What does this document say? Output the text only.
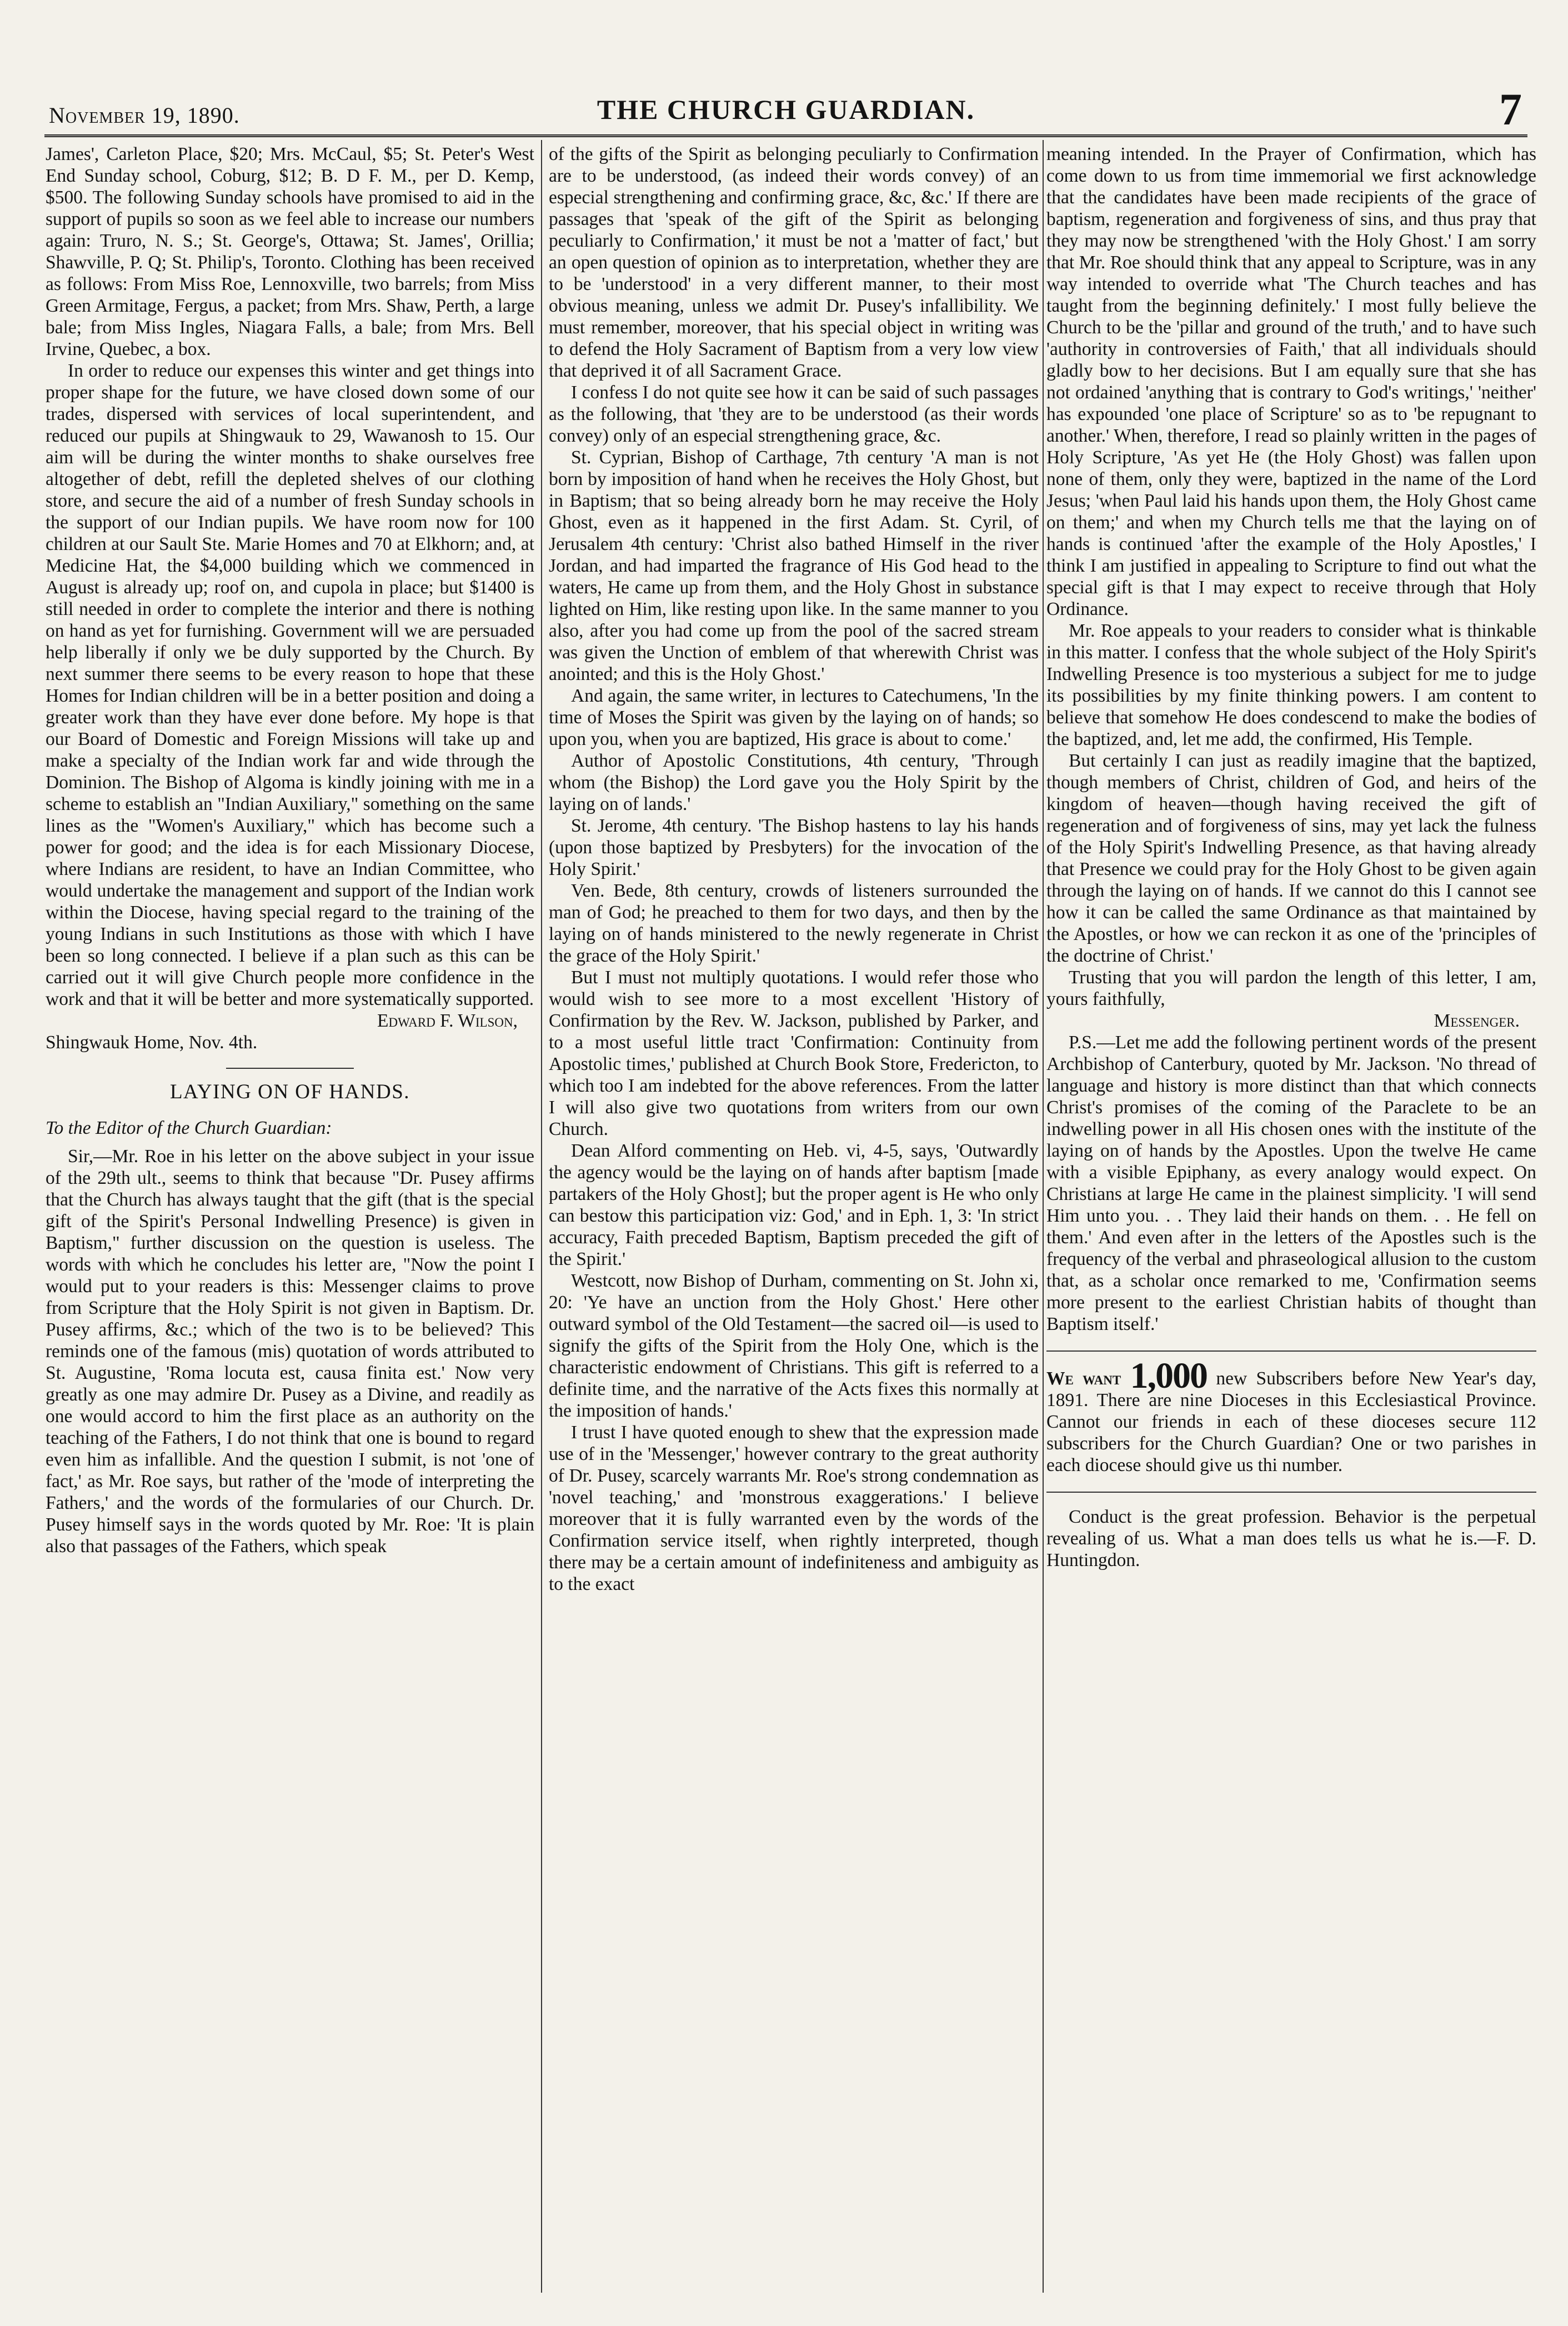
November 19, 1890.	THE CHURCH GUARDIAN.	7

James', Carleton Place, $20; Mrs. McCaul, $5; St. Peter's West End Sunday school, Coburg, $12; B. D F. M., per D. Kemp, $500. The following Sunday schools have promised to aid in the support of pupils so soon as we feel able to increase our numbers again: Truro, N. S.; St. George's, Ottawa; St. James', Orillia; Shawville, P. Q; St. Philip's, Toronto. Clothing has been received as follows: From Miss Roe, Lennoxville, two barrels; from Miss Green Armitage, Fergus, a packet; from Mrs. Shaw, Perth, a large bale; from Miss Ingles, Niagara Falls, a bale; from Mrs. Bell Irvine, Quebec, a box.

In order to reduce our expenses this winter and get things into proper shape for the future, we have closed down some of our trades, dispersed with services of local superintendent, and reduced our pupils at Shingwauk to 29, Wawanosh to 15. Our aim will be during the winter months to shake ourselves free altogether of debt, refill the depleted shelves of our clothing store, and secure the aid of a number of fresh Sunday schools in the support of our Indian pupils. We have room now for 100 children at our Sault Ste. Marie Homes and 70 at Elkhorn; and, at Medicine Hat, the $4,000 building which we commenced in August is already up; roof on, and cupola in place; but $1400 is still needed in order to complete the interior and there is nothing on hand as yet for furnishing. Government will we are persuaded help liberally if only we be duly supported by the Church. By next summer there seems to be every reason to hope that these Homes for Indian children will be in a better position and doing a greater work than they have ever done before. My hope is that our Board of Domestic and Foreign Missions will take up and make a specialty of the Indian work far and wide through the Dominion. The Bishop of Algoma is kindly joining with me in a scheme to establish an "Indian Auxiliary," something on the same lines as the "Women's Auxiliary," which has become such a power for good; and the idea is for each Missionary Diocese, where Indians are resident, to have an Indian Committee, who would undertake the management and support of the Indian work within the Diocese, having special regard to the training of the young Indians in such Institutions as those with which I have been so long connected. I believe if a plan such as this can be carried out it will give Church people more confidence in the work and that it will be better and more systematically supported.

Edward F. Wilson,

Shingwauk Home, Nov. 4th.

LAYING ON OF HANDS.

To the Editor of the Church Guardian:

Sir,—Mr. Roe in his letter on the above subject in your issue of the 29th ult., seems to think that because "Dr. Pusey affirms that the Church has always taught that the gift (that is the special gift of the Spirit's Personal Indwelling Presence) is given in Baptism," further discussion on the question is useless. The words with which he concludes his letter are, "Now the point I would put to your readers is this: Messenger claims to prove from Scripture that the Holy Spirit is not given in Baptism. Dr. Pusey affirms, &c.; which of the two is to be believed? This reminds one of the famous (mis) quotation of words attributed to St. Augustine, 'Roma locuta est, causa finita est.' Now very greatly as one may admire Dr. Pusey as a Divine, and readily as one would accord to him the first place as an authority on the teaching of the Fathers, I do not think that one is bound to regard even him as infallible. And the question I submit, is not 'one of fact,' as Mr. Roe says, but rather of the 'mode of interpreting the Fathers,' and the words of the formularies of our Church. Dr. Pusey himself says in the words quoted by Mr. Roe: 'It is plain also that passages of the Fathers, which speak

of the gifts of the Spirit as belonging peculiarly to Confirmation are to be understood, (as indeed their words convey) of an especial strengthening and confirming grace, &c, &c.' If there are passages that 'speak of the gift of the Spirit as belonging peculiarly to Confirmation,' it must be not a 'matter of fact,' but an open question of opinion as to interpretation, whether they are to be 'understood' in a very different manner, to their most obvious meaning, unless we admit Dr. Pusey's infallibility. We must remember, moreover, that his special object in writing was to defend the Holy Sacrament of Baptism from a very low view that deprived it of all Sacrament Grace.

I confess I do not quite see how it can be said of such passages as the following, that 'they are to be understood (as their words convey) only of an especial strengthening grace, &c.

St. Cyprian, Bishop of Carthage, 7th century 'A man is not born by imposition of hand when he receives the Holy Ghost, but in Baptism; that so being already born he may receive the Holy Ghost, even as it happened in the first Adam. St. Cyril, of Jerusalem 4th century: 'Christ also bathed Himself in the river Jordan, and had imparted the fragrance of His God head to the waters, He came up from them, and the Holy Ghost in substance lighted on Him, like resting upon like. In the same manner to you also, after you had come up from the pool of the sacred stream was given the Unction of emblem of that wherewith Christ was anointed; and this is the Holy Ghost.'

And again, the same writer, in lectures to Catechumens, 'In the time of Moses the Spirit was given by the laying on of hands; so upon you, when you are baptized, His grace is about to come.'

Author of Apostolic Constitutions, 4th century, 'Through whom (the Bishop) the Lord gave you the Holy Spirit by the laying on of lands.'

St. Jerome, 4th century. 'The Bishop hastens to lay his hands (upon those baptized by Presbyters) for the invocation of the Holy Spirit.'

Ven. Bede, 8th century, crowds of listeners surrounded the man of God; he preached to them for two days, and then by the laying on of hands ministered to the newly regenerate in Christ the grace of the Holy Spirit.'

But I must not multiply quotations. I would refer those who would wish to see more to a most excellent 'History of Confirmation by the Rev. W. Jackson, published by Parker, and to a most useful little tract 'Confirmation: Continuity from Apostolic times,' published at Church Book Store, Fredericton, to which too I am indebted for the above references. From the latter I will also give two quotations from writers from our own Church.

Dean Alford commenting on Heb. vi, 4-5, says, 'Outwardly the agency would be the laying on of hands after baptism [made partakers of the Holy Ghost]; but the proper agent is He who only can bestow this participation viz: God,' and in Eph. 1, 3: 'In strict accuracy, Faith preceded Baptism, Baptism preceded the gift of the Spirit.'

Westcott, now Bishop of Durham, commenting on St. John xi, 20: 'Ye have an unction from the Holy Ghost.' Here other outward symbol of the Old Testament—the sacred oil—is used to signify the gifts of the Spirit from the Holy One, which is the characteristic endowment of Christians. This gift is referred to a definite time, and the narrative of the Acts fixes this normally at the imposition of hands.'

I trust I have quoted enough to shew that the expression made use of in the 'Messenger,' however contrary to the great authority of Dr. Pusey, scarcely warrants Mr. Roe's strong condemnation as 'novel teaching,' and 'monstrous exaggerations.' I believe moreover that it is fully warranted even by the words of the Confirmation service itself, when rightly interpreted, though there may be a certain amount of indefiniteness and ambiguity as to the exact

meaning intended. In the Prayer of Confirmation, which has come down to us from time immemorial we first acknowledge that the candidates have been made recipients of the grace of baptism, regeneration and forgiveness of sins, and thus pray that they may now be strengthened 'with the Holy Ghost.' I am sorry that Mr. Roe should think that any appeal to Scripture, was in any way intended to override what 'The Church teaches and has taught from the beginning definitely.' I most fully believe the Church to be the 'pillar and ground of the truth,' and to have such 'authority in controversies of Faith,' that all individuals should gladly bow to her decisions. But I am equally sure that she has not ordained 'anything that is contrary to God's writings,' 'neither' has expounded 'one place of Scripture' so as to 'be repugnant to another.' When, therefore, I read so plainly written in the pages of Holy Scripture, 'As yet He (the Holy Ghost) was fallen upon none of them, only they were, baptized in the name of the Lord Jesus; 'when Paul laid his hands upon them, the Holy Ghost came on them;' and when my Church tells me that the laying on of hands is continued 'after the example of the Holy Apostles,' I think I am justified in appealing to Scripture to find out what the special gift is that I may expect to receive through that Holy Ordinance.

Mr. Roe appeals to your readers to consider what is thinkable in this matter. I confess that the whole subject of the Holy Spirit's Indwelling Presence is too mysterious a subject for me to judge its possibilities by my finite thinking powers. I am content to believe that somehow He does condescend to make the bodies of the baptized, and, let me add, the confirmed, His Temple.

But certainly I can just as readily imagine that the baptized, though members of Christ, children of God, and heirs of the kingdom of heaven—though having received the gift of regeneration and of forgiveness of sins, may yet lack the fulness of the Holy Spirit's Indwelling Presence, as that having already that Presence we could pray for the Holy Ghost to be given again through the laying on of hands. If we cannot do this I cannot see how it can be called the same Ordinance as that maintained by the Apostles, or how we can reckon it as one of the 'principles of the doctrine of Christ.'

Trusting that you will pardon the length of this letter, I am, yours faithfully,

Messenger.

P.S.—Let me add the following pertinent words of the present Archbishop of Canterbury, quoted by Mr. Jackson. 'No thread of language and history is more distinct than that which connects Christ's promises of the coming of the Paraclete to be an indwelling power in all His chosen ones with the institute of the laying on of hands by the Apostles. Upon the twelve He came with a visible Epiphany, as every analogy would expect. On Christians at large He came in the plainest simplicity. 'I will send Him unto you. . . They laid their hands on them. . . He fell on them.' And even after in the letters of the Apostles such is the frequency of the verbal and phraseological allusion to the custom that, as a scholar once remarked to me, 'Confirmation seems more present to the earliest Christian habits of thought than Baptism itself.'

We want 1,000 new Subscribers before New Year's day, 1891. There are nine Dioceses in this Ecclesiastical Province. Cannot our friends in each of these dioceses secure 112 subscribers for the Church Guardian? One or two parishes in each diocese should give us thi number.

Conduct is the great profession. Behavior is the perpetual revealing of us. What a man does tells us what he is.—F. D. Huntingdon.
